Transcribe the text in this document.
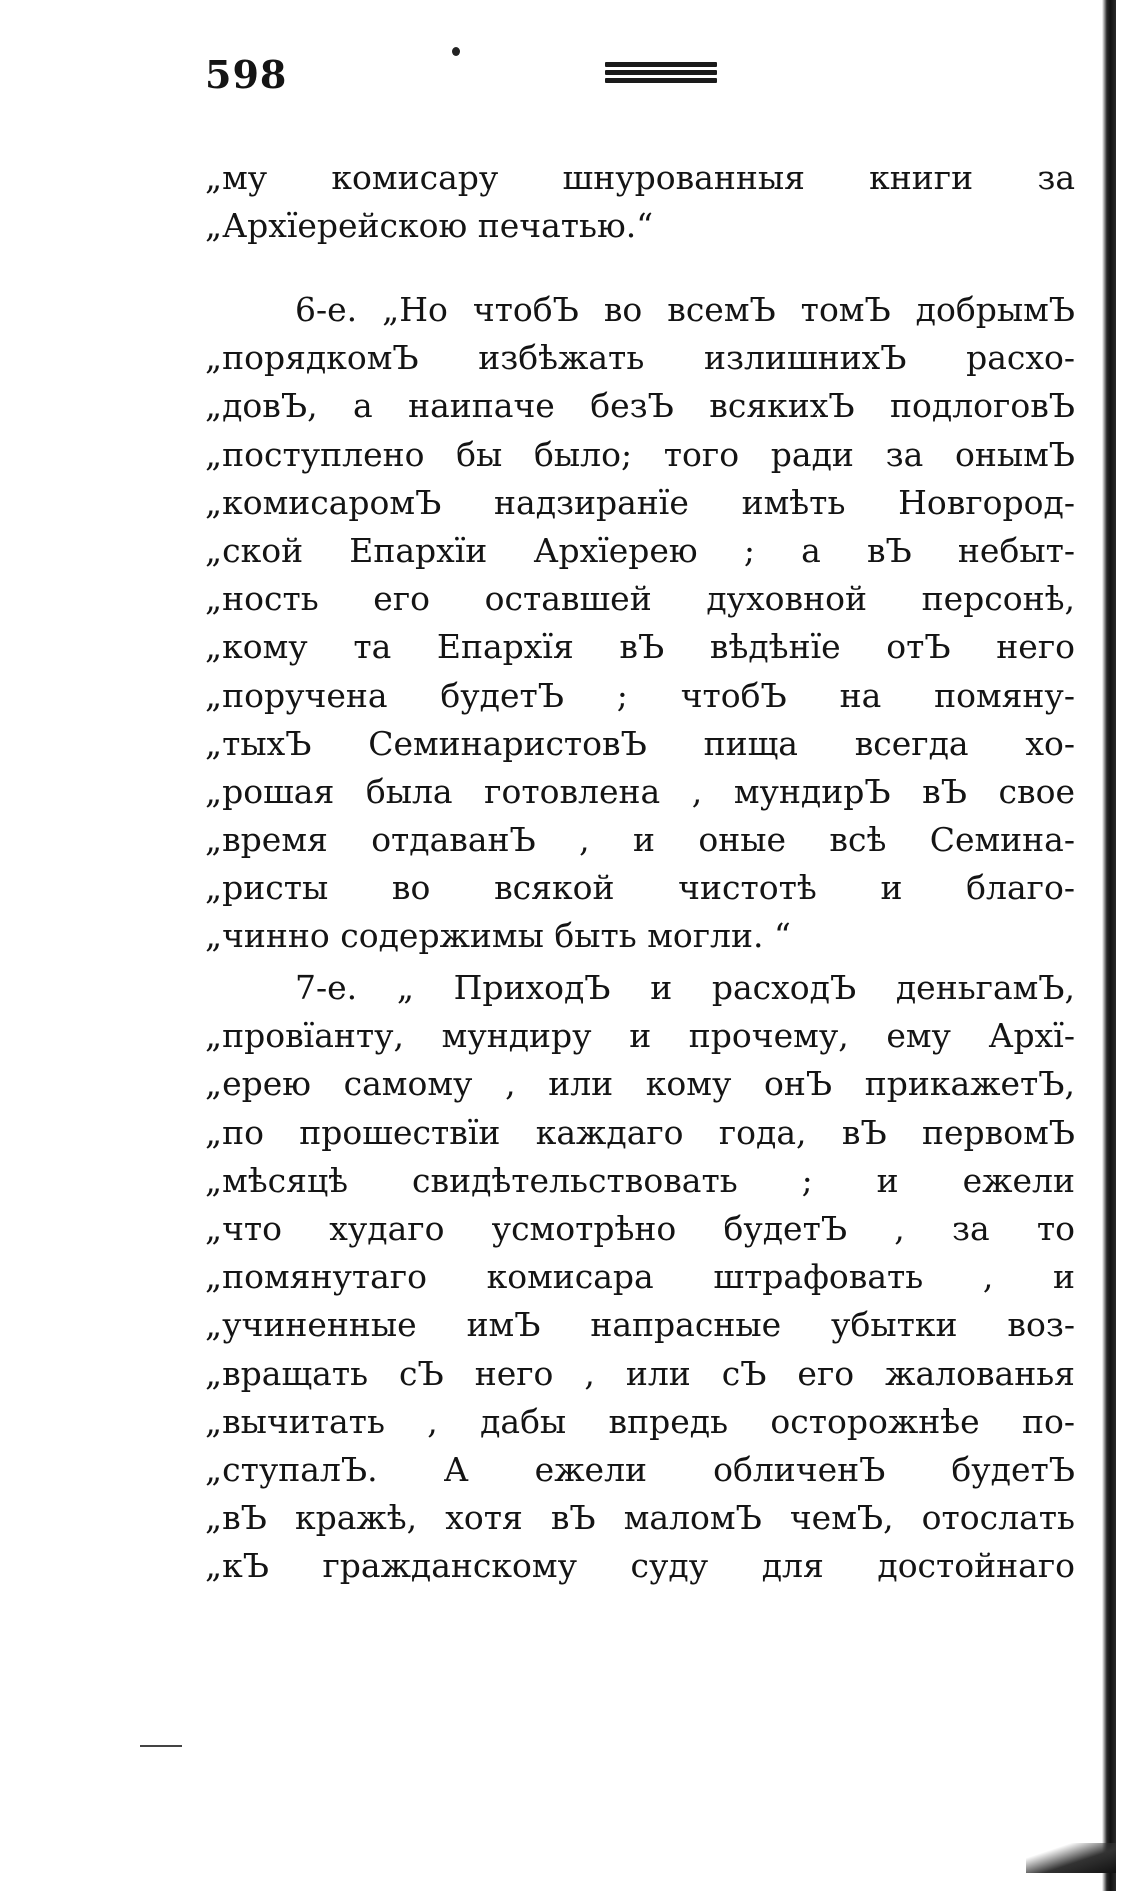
598
„му комисару шнурованныя книги за
„Архїерейскою печатью.“
6-е. „Но чтобЪ во всемЪ томЪ добрымЪ
„порядкомЪ избѣжать излишнихЪ расхо-
„довЪ, а наипаче безЪ всякихЪ подлоговЪ
„поступлено бы было; того ради за онымЪ
„комисаромЪ надзиранїе имѣть Новгород-
„ской Епархїи Архїерею ; а вЪ небыт-
„ность его оставшей духовной персонѣ,
„кому та Епархїя вЪ вѣдѣнїе отЪ него
„поручена будетЪ ; чтобЪ на помяну-
„тыхЪ СеминаристовЪ пища всегда хо-
„рошая была готовлена , мундирЪ вЪ свое
„время отдаванЪ , и оные всѣ Семина-
„ристы во всякой чистотѣ и благо-
„чинно содержимы быть могли. “
7-е. „ ПриходЪ и расходЪ деньгамЪ,
„провїанту, мундиру и прочему, ему Архї-
„ерею самому , или кому онЪ прикажетЪ,
„по прошествїи каждаго года, вЪ первомЪ
„мѣсяцѣ свидѣтельствовать ; и ежели
„что худаго усмотрѣно будетЪ , за то
„помянутаго комисара штрафовать , и
„учиненные имЪ напрасные убытки воз-
„вращать сЪ него , или сЪ его жалованья
„вычитать , дабы впредь осторожнѣе по-
„ступалЪ. А ежели обличенЪ будетЪ
„вЪ кражѣ, хотя вЪ маломЪ чемЪ, отослать
„кЪ гражданскому суду для достойнаго
